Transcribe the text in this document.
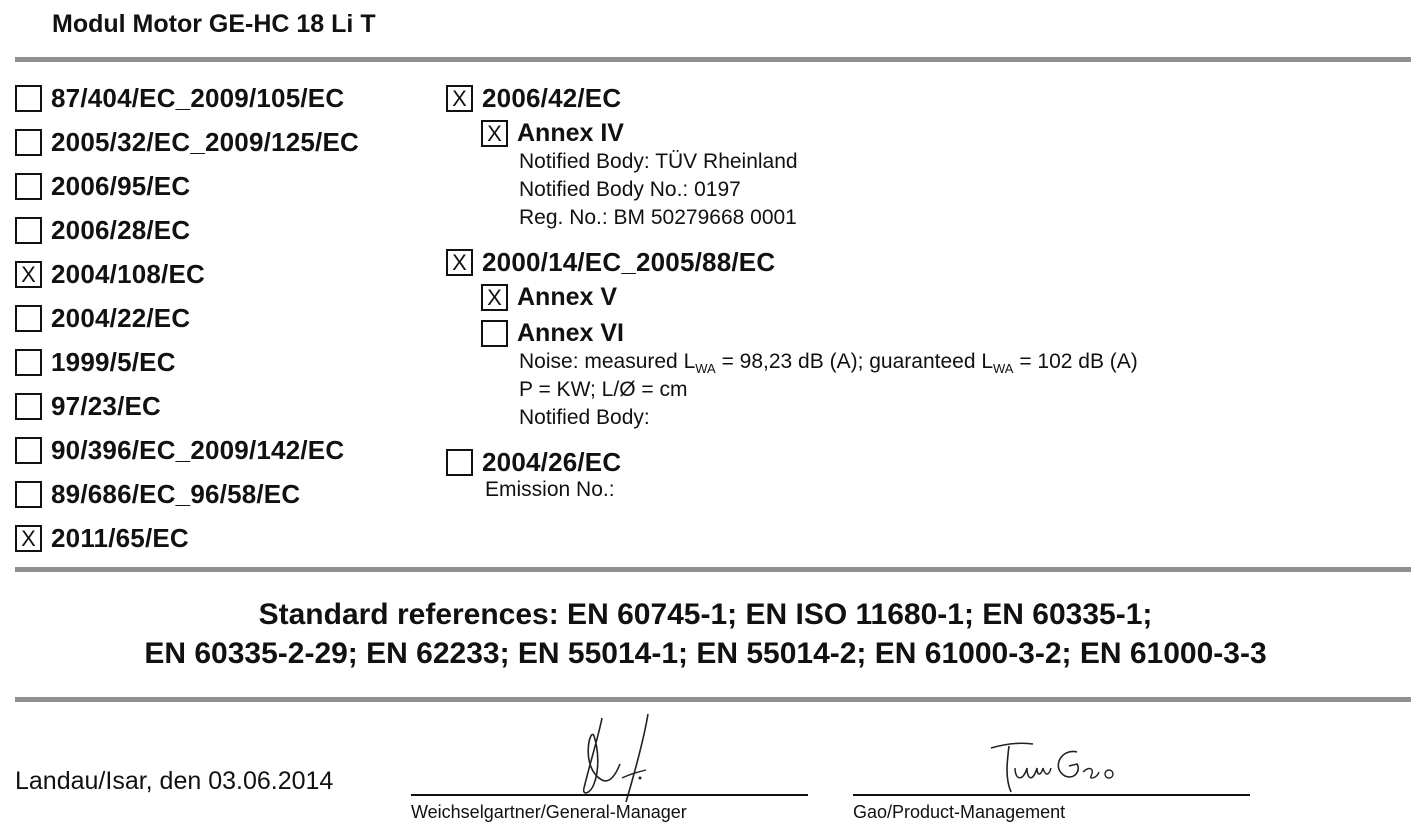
Modul Motor GE-HC 18 Li T
87/404/EC_2009/105/EC
2005/32/EC_2009/125/EC
2006/95/EC
2006/28/EC
X 2004/108/EC
2004/22/EC
1999/5/EC
97/23/EC
90/396/EC_2009/142/EC
89/686/EC_96/58/EC
X 2011/65/EC
X 2006/42/EC
X Annex IV
Notified Body: TÜV Rheinland
Notified Body No.: 0197
Reg. No.: BM 50279668 0001
X 2000/14/EC_2005/88/EC
X Annex V
Annex VI
Noise: measured $L_{WA} = 98,23$ dB (A); guaranteed $L_{WA} = 102$ dB (A)
P = KW; L/Ø = cm
Notified Body:
2004/26/EC
Emission No.:
Standard references: EN 60745-1; EN ISO 11680-1; EN 60335-1;
EN 60335-2-29; EN 62233; EN 55014-1; EN 55014-2; EN 61000-3-2; EN 61000-3-3
Landau/Isar, den 03.06.2014
Weichselgartner/General-Manager	Gao/Product-Management
